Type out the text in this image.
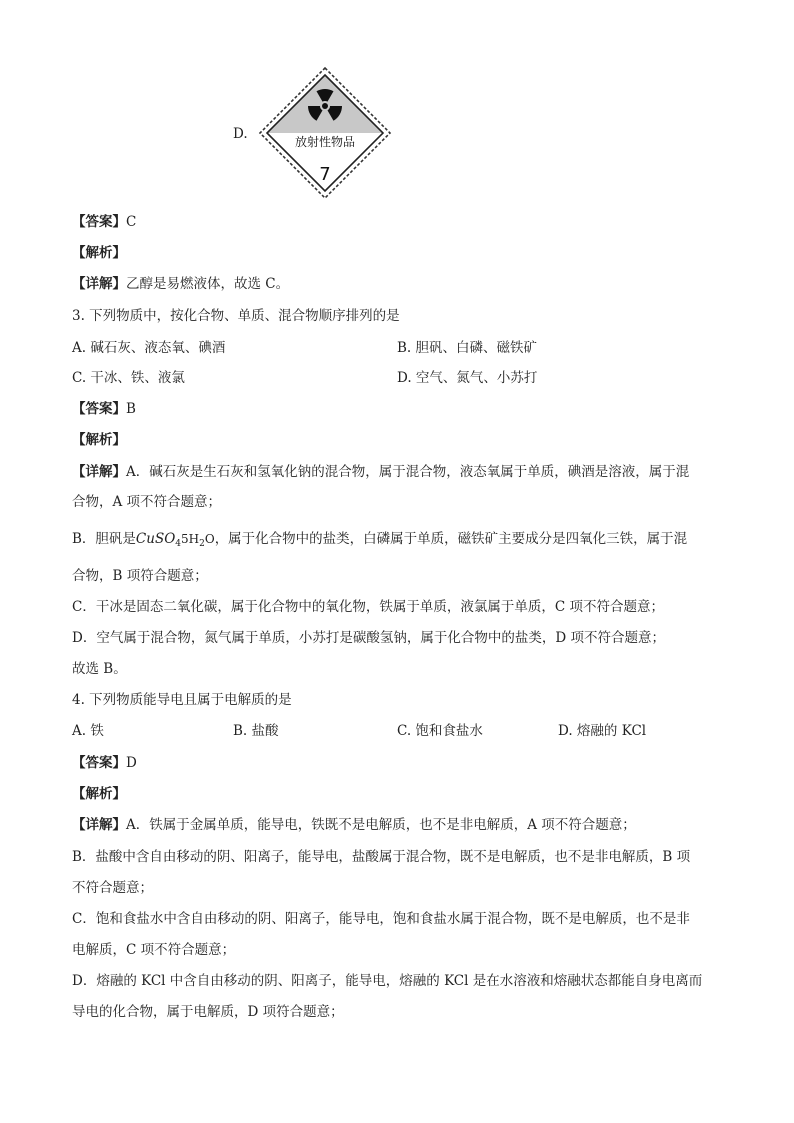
D.	放射性物品
7
【答案】C
【解析】
【详解】乙醇是易燃液体，故选 C。
3. 下列物质中，按化合物、单质、混合物顺序排列的是
A. 碱石灰、液态氧、碘酒	B. 胆矾、白磷、磁铁矿
C. 干冰、铁、液氯	D. 空气、氮气、小苏打
【答案】B
【解析】
【详解】A．碱石灰是生石灰和氢氧化钠的混合物，属于混合物，液态氧属于单质，碘酒是溶液，属于混
合物，A 项不符合题意；
B．胆矾是$CuSO_45H_2O$，属于化合物中的盐类，白磷属于单质，磁铁矿主要成分是四氧化三铁，属于混
合物，B 项符合题意；
C．干冰是固态二氧化碳，属于化合物中的氧化物，铁属于单质，液氯属于单质，C 项不符合题意；
D．空气属于混合物，氮气属于单质，小苏打是碳酸氢钠，属于化合物中的盐类，D 项不符合题意；
故选 B。
4. 下列物质能导电且属于电解质的是
A. 铁	B. 盐酸	C. 饱和食盐水	D. 熔融的 KCl
【答案】D
【解析】
【详解】A．铁属于金属单质，能导电，铁既不是电解质，也不是非电解质，A 项不符合题意；
B．盐酸中含自由移动的阴、阳离子，能导电，盐酸属于混合物，既不是电解质，也不是非电解质，B 项
不符合题意；
C．饱和食盐水中含自由移动的阴、阳离子，能导电，饱和食盐水属于混合物，既不是电解质，也不是非
电解质，C 项不符合题意；
D．熔融的 KCl 中含自由移动的阴、阳离子，能导电，熔融的 KCl 是在水溶液和熔融状态都能自身电离而
导电的化合物，属于电解质，D 项符合题意；
